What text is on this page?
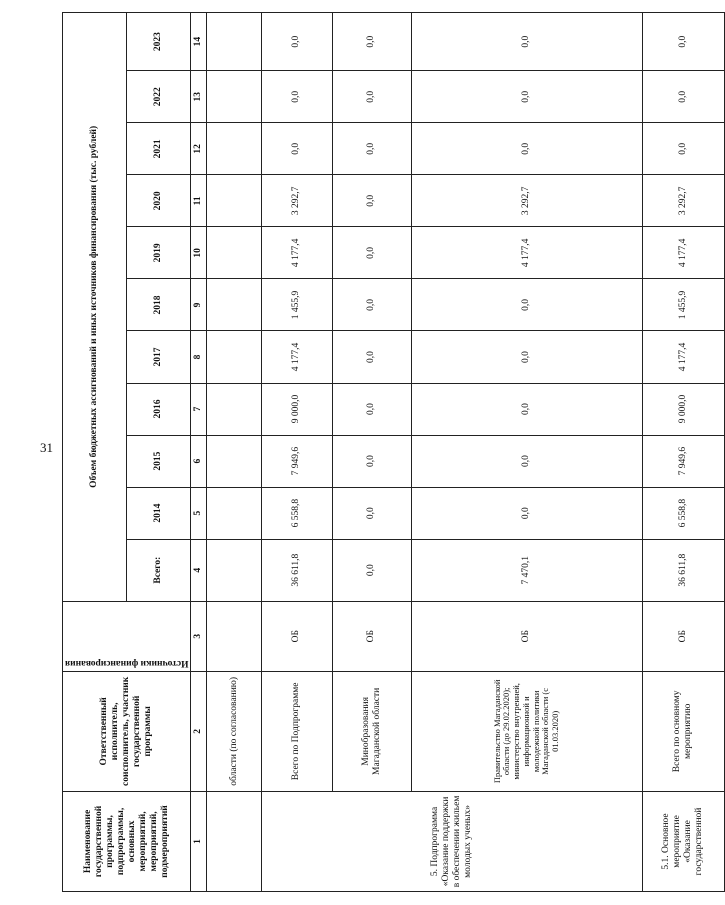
31
Наименование государственной программы, подпрограммы, основных мероприятий, мероприятий, подмероприятий	Ответственный исполнитель, соисполнитель, участник государственной программы	Источники финансирования	Объем бюджетных ассигнований и иных источников финансирования (тыс. рублей)										
			Всего:	2014	2015	2016	2017	2018	2019	2020	2021	2022	2023
1	2	3	4	5	6	7	8	9	10	11	12	13	14
	области (по согласованию)												
5. Подпрограмма «Оказание поддержки в обеспечении жильем молодых ученых»	Всего по Подпрограмме	ОБ	36 611,8	6 558,8	7 949,6	9 000,0	4 177,4	1 455,9	4 177,4	3 292,7	0,0	0,0	0,0
	Минобразования Магаданской области	ОБ	0,0	0,0	0,0	0,0	0,0	0,0	0,0	0,0	0,0	0,0	0,0
	Правительство Магаданской области (до 29.02.2020); министерство внутренней, информационной и молодежной политики Магаданской области (с 01.03.2020)	ОБ	7 470,1	0,0	0,0	0,0	0,0	0,0	4 177,4	3 292,7	0,0	0,0	0,0
5.1. Основное мероприятие «Оказание государственной	Всего по основному мероприятию	ОБ	36 611,8	6 558,8	7 949,6	9 000,0	4 177,4	1 455,9	4 177,4	3 292,7	0,0	0,0	0,0
